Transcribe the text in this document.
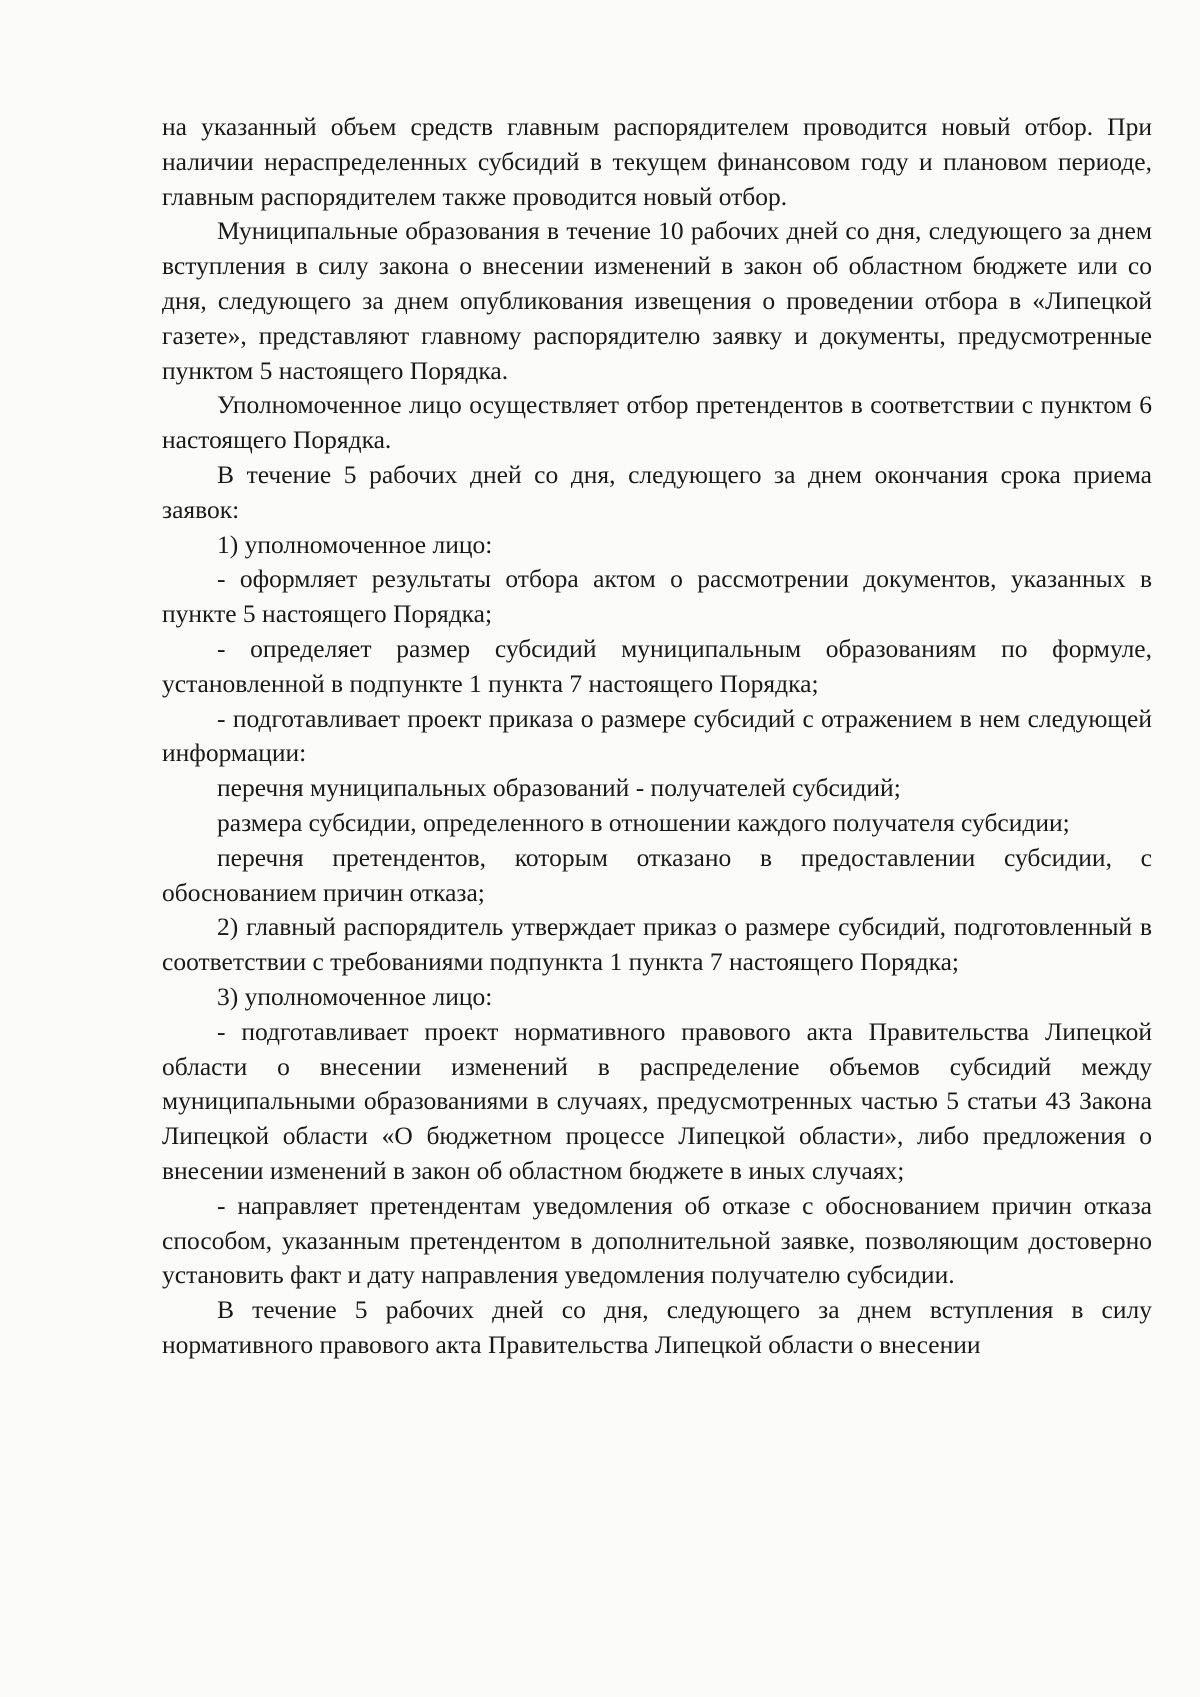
на указанный объем средств главным распорядителем проводится новый отбор. При наличии нераспределенных субсидий в текущем финансовом году и плановом периоде, главным распорядителем также проводится новый отбор.

Муниципальные образования в течение 10 рабочих дней со дня, следующего за днем вступления в силу закона о внесении изменений в закон об областном бюджете или со дня, следующего за днем опубликования извещения о проведении отбора в «Липецкой газете», представляют главному распорядителю заявку и документы, предусмотренные пунктом 5 настоящего Порядка.

Уполномоченное лицо осуществляет отбор претендентов в соответствии с пунктом 6 настоящего Порядка.

В течение 5 рабочих дней со дня, следующего за днем окончания срока приема заявок:

1) уполномоченное лицо:

- оформляет результаты отбора актом о рассмотрении документов, указанных в пункте 5 настоящего Порядка;

- определяет размер субсидий муниципальным образованиям по формуле, установленной в подпункте 1 пункта 7 настоящего Порядка;

- подготавливает проект приказа о размере субсидий с отражением в нем следующей информации:

перечня муниципальных образований - получателей субсидий;

размера субсидии, определенного в отношении каждого получателя субсидии;

перечня претендентов, которым отказано в предоставлении субсидии, с обоснованием причин отказа;

2) главный распорядитель утверждает приказ о размере субсидий, подготовленный в соответствии с требованиями подпункта 1 пункта 7 настоящего Порядка;

3) уполномоченное лицо:

- подготавливает проект нормативного правового акта Правительства Липецкой области о внесении изменений в распределение объемов субсидий между муниципальными образованиями в случаях, предусмотренных частью 5 статьи 43 Закона Липецкой области «О бюджетном процессе Липецкой области», либо предложения о внесении изменений в закон об областном бюджете в иных случаях;

- направляет претендентам уведомления об отказе с обоснованием причин отказа способом, указанным претендентом в дополнительной заявке, позволяющим достоверно установить факт и дату направления уведомления получателю субсидии.

В течение 5 рабочих дней со дня, следующего за днем вступления в силу нормативного правового акта Правительства Липецкой области о внесении
